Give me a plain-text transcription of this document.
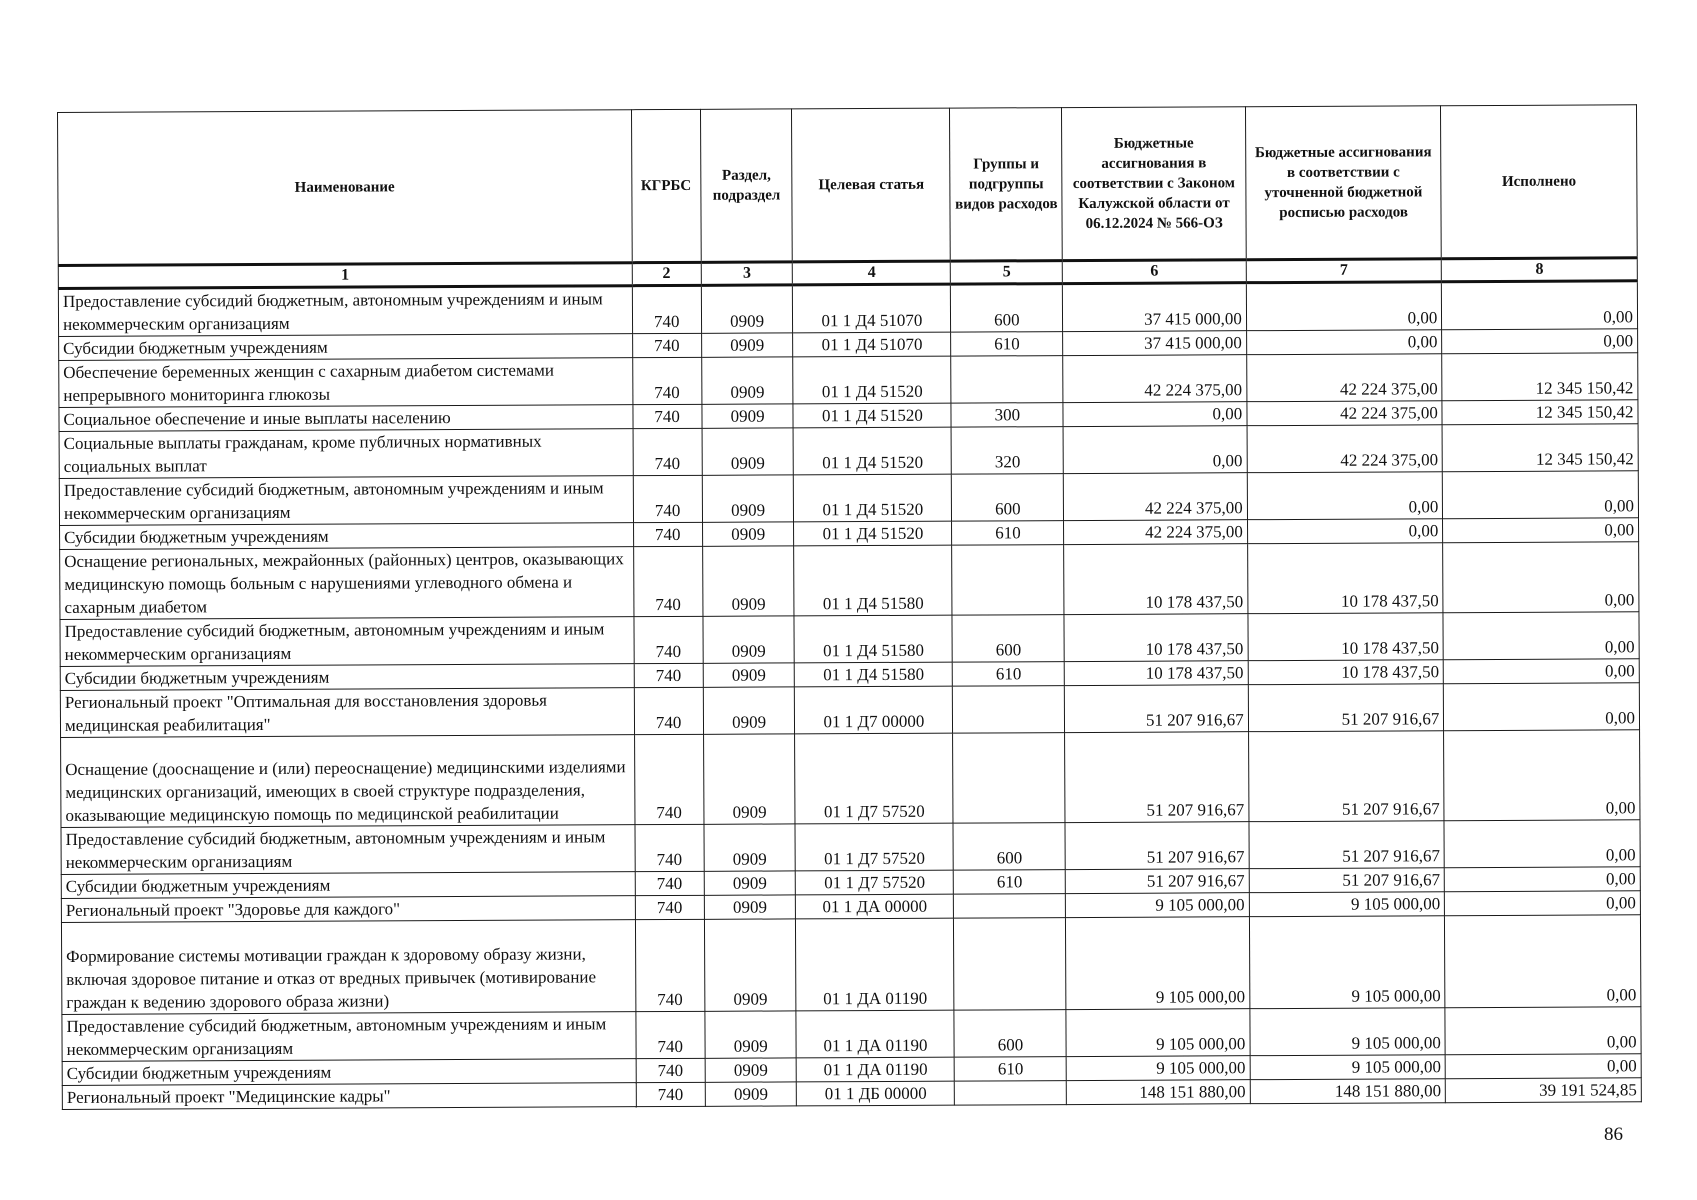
Наименование	КГРБС	Раздел, подраздел	Целевая статья	Группы и подгруппы видов расходов	Бюджетные ассигнования в соответствии с Законом Калужской области от 06.12.2024 № 566-ОЗ	Бюджетные ассигнования в соответствии с уточненной бюджетной росписью расходов	Исполнено
1	2	3	4	5	6	7	8
Предоставление субсидий бюджетным, автономным учреждениям и иным некоммерческим организациям	740	0909	01 1 Д4 51070	600	37 415 000,00	0,00	0,00
Субсидии бюджетным учреждениям	740	0909	01 1 Д4 51070	610	37 415 000,00	0,00	0,00
Обеспечение беременных женщин с сахарным диабетом системами непрерывного мониторинга глюкозы	740	0909	01 1 Д4 51520		42 224 375,00	42 224 375,00	12 345 150,42
Социальное обеспечение и иные выплаты населению	740	0909	01 1 Д4 51520	300	0,00	42 224 375,00	12 345 150,42
Социальные выплаты гражданам, кроме публичных нормативных социальных выплат	740	0909	01 1 Д4 51520	320	0,00	42 224 375,00	12 345 150,42
Предоставление субсидий бюджетным, автономным учреждениям и иным некоммерческим организациям	740	0909	01 1 Д4 51520	600	42 224 375,00	0,00	0,00
Субсидии бюджетным учреждениям	740	0909	01 1 Д4 51520	610	42 224 375,00	0,00	0,00
Оснащение региональных, межрайонных (районных) центров, оказывающих медицинскую помощь больным с нарушениями углеводного обмена и сахарным диабетом	740	0909	01 1 Д4 51580		10 178 437,50	10 178 437,50	0,00
Предоставление субсидий бюджетным, автономным учреждениям и иным некоммерческим организациям	740	0909	01 1 Д4 51580	600	10 178 437,50	10 178 437,50	0,00
Субсидии бюджетным учреждениям	740	0909	01 1 Д4 51580	610	10 178 437,50	10 178 437,50	0,00
Региональный проект "Оптимальная для восстановления здоровья медицинская реабилитация"	740	0909	01 1 Д7 00000		51 207 916,67	51 207 916,67	0,00
Оснащение (дооснащение и (или) переоснащение) медицинскими изделиями медицинских организаций, имеющих в своей структуре подразделения, оказывающие медицинскую помощь по медицинской реабилитации	740	0909	01 1 Д7 57520		51 207 916,67	51 207 916,67	0,00
Предоставление субсидий бюджетным, автономным учреждениям и иным некоммерческим организациям	740	0909	01 1 Д7 57520	600	51 207 916,67	51 207 916,67	0,00
Субсидии бюджетным учреждениям	740	0909	01 1 Д7 57520	610	51 207 916,67	51 207 916,67	0,00
Региональный проект "Здоровье для каждого"	740	0909	01 1 ДА 00000		9 105 000,00	9 105 000,00	0,00
Формирование системы мотивации граждан к здоровому образу жизни, включая здоровое питание и отказ от вредных привычек (мотивирование граждан к ведению здорового образа жизни)	740	0909	01 1 ДА 01190		9 105 000,00	9 105 000,00	0,00
Предоставление субсидий бюджетным, автономным учреждениям и иным некоммерческим организациям	740	0909	01 1 ДА 01190	600	9 105 000,00	9 105 000,00	0,00
Субсидии бюджетным учреждениям	740	0909	01 1 ДА 01190	610	9 105 000,00	9 105 000,00	0,00
Региональный проект "Медицинские кадры"	740	0909	01 1 ДБ 00000		148 151 880,00	148 151 880,00	39 191 524,85
86
